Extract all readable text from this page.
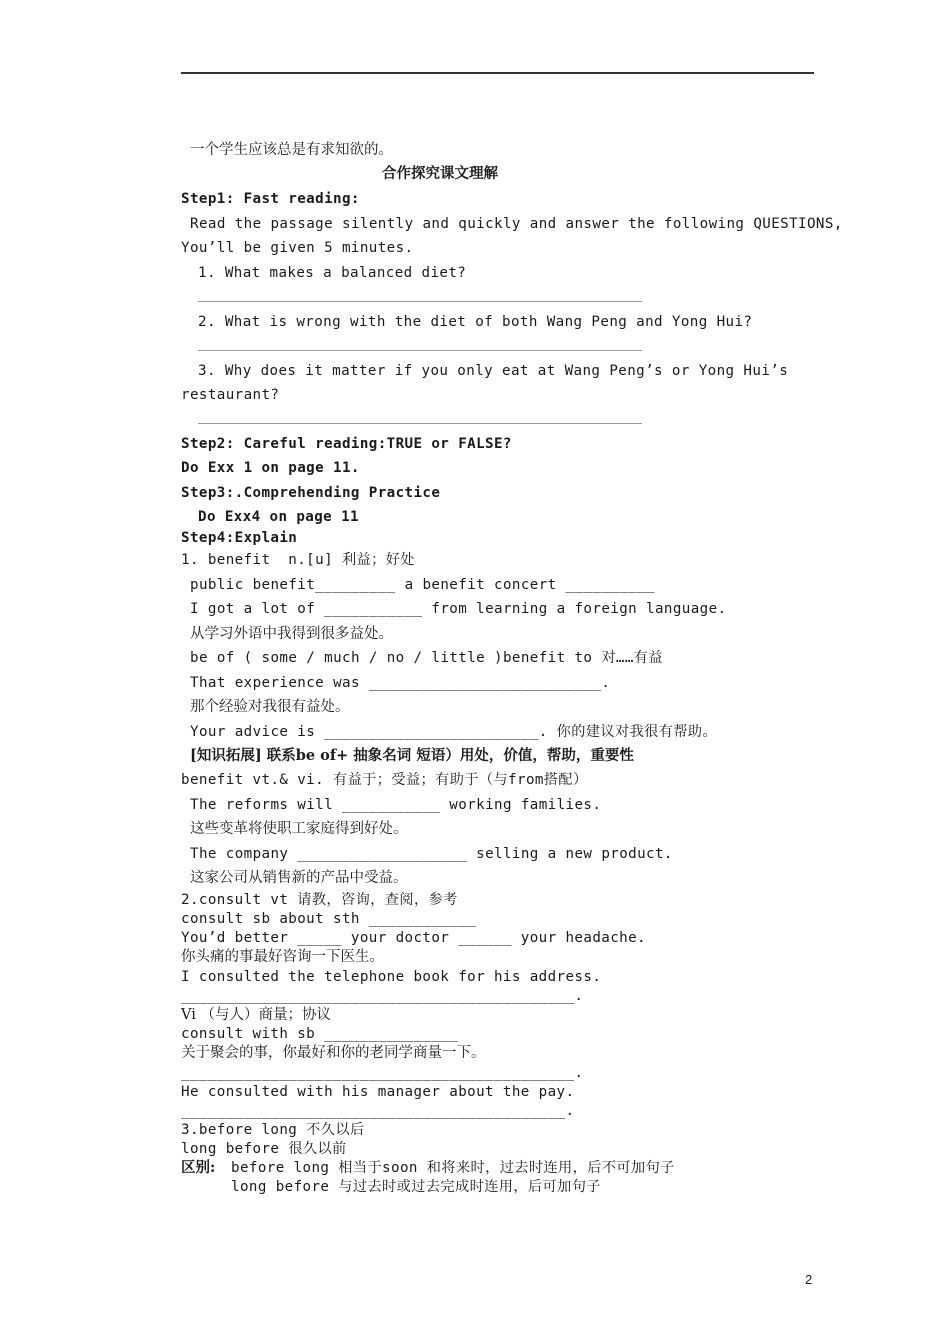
一个学生应该总是有求知欲的。
合作探究课文理解
Step1: Fast reading:
Read the passage silently and quickly and answer the following QUESTIONS,
You’ll be given 5 minutes.
1. What makes a balanced diet?
2. What is wrong with the diet of both Wang Peng and Yong Hui?
3. Why does it matter if you only eat at Wang Peng’s or Yong Hui’s
restaurant?
Step2: Careful reading:TRUE or FALSE?
Do Exx 1 on page 11.
Step3:.Comprehending Practice
Do Exx4 on page 11
Step4:Explain
1. benefit  n.[u] 利益；好处
public benefit_________ a benefit concert __________
I got a lot of ___________ from learning a foreign language.
从学习外语中我得到很多益处。
be of ( some / much / no / little )benefit to 对……有益
That experience was __________________________.
那个经验对我很有益处。
Your advice is ________________________. 你的建议对我很有帮助。
[知识拓展] 联系be of+ 抽象名词 短语）用处，价值，帮助，重要性
benefit vt.& vi. 有益于；受益；有助于（与from搭配）
The reforms will ___________ working families.
这些变革将使职工家庭得到好处。
The company ___________________ selling a new product.
这家公司从销售新的产品中受益。
2.consult vt 请教，咨询，查阅，参考
consult sb about sth ____________
You’d better _____ your doctor ______ your headache.
你头痛的事最好咨询一下医生。
I consulted the telephone book for his address.
____________________________________________.
Vi （与人）商量；协议
consult with sb _______________
关于聚会的事，你最好和你的老同学商量一下。
____________________________________________.
He consulted with his manager about the pay.
___________________________________________.
3.before long 不久以后
long before 很久以前
区别: before long 相当于soon 和将来时，过去时连用，后不可加句子
long before 与过去时或过去完成时连用，后可加句子
2
